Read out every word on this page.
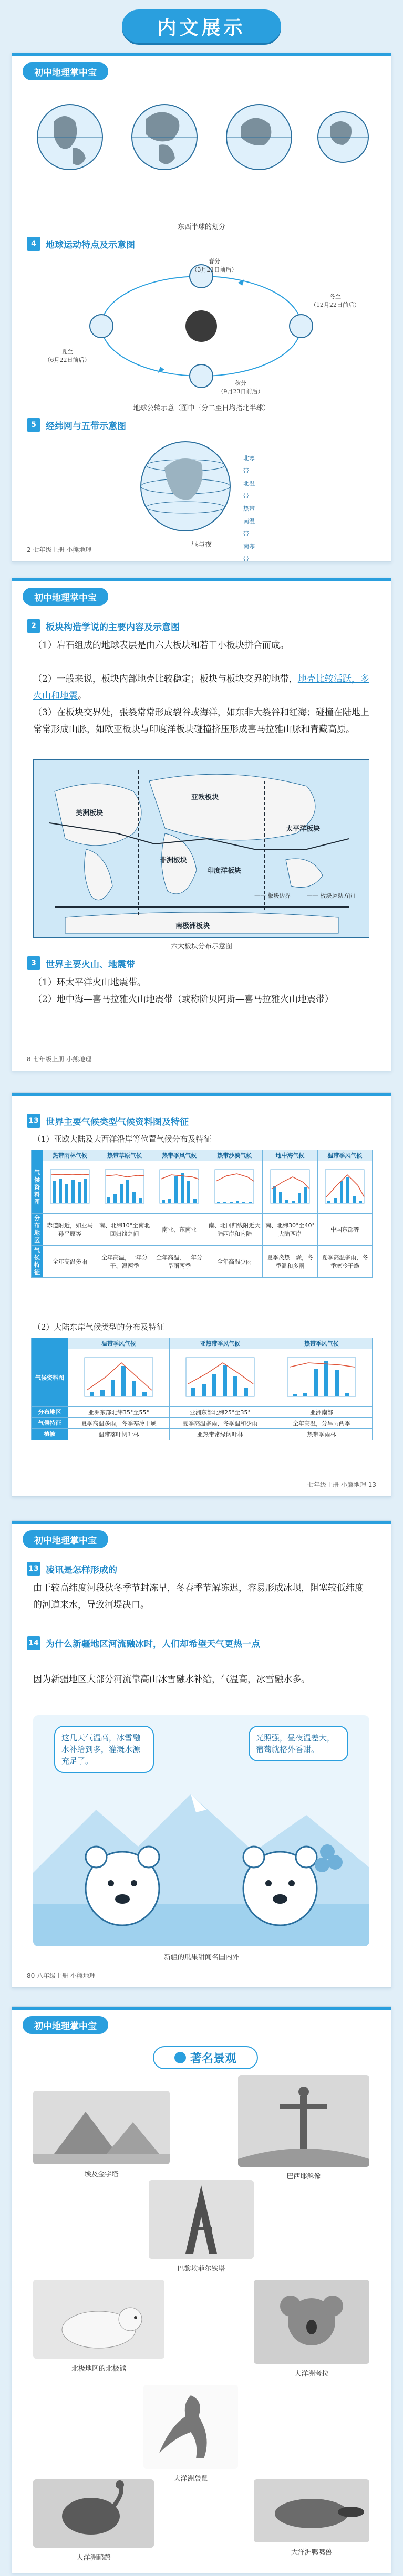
内文展示
初中地理掌中宝
东西半球的划分
4	地球运动特点及示意图
春分
（3月21日前后）
夏至
（6月22日前后）
秋分
（9月23日前后）
冬至
（12月22日前后）
地球公转示意（图中三分二至日均指北半球）
5	经纬网与五带示意图
北寒带
北温带
热带
南温带
南寒带
昼与夜
2 七年级上册 小熊地理
初中地理掌中宝
2	板块构造学说的主要内容及示意图
（1）岩石组成的地球表层是由六大板块和若干小板块拼合而成。
（2）一般来说，板块内部地壳比较稳定；板块与板块交界的地带，地壳比较活跃，多火山和地震。
（3）在板块交界处，張裂常常形成裂谷或海洋，如东非大裂谷和红海；碰撞在陆地上常常形成山脉，如欧亚板块与印度洋板块碰撞挤压形成喜马拉雅山脉和青藏高原。
亚欧板块
美洲板块
非洲板块
印度洋板块
太平洋板块
南极洲板块
—— 板块边界	—— 板块运动方向
六大板块分布示意图
3	世界主要火山、地震带
（1）环太平洋火山地震带。
（2）地中海—喜马拉雅火山地震带（或称阶贝阿斯—喜马拉雅火山地震带）
8 七年级上册 小熊地理
13 世界主要气候类型气候资料图及特征
（1）亚欧大陆及大西洋沿岸等位置气候分布及特征
	热带雨林气候	热带草原气候	热带季风气候	热带沙漠气候	地中海气候	温带季风气候
气候资料图						
分布地区	赤道附近，如亚马孙平原等	南、北纬10°至南北回归线之间	南亚、东南亚	南、北回归线附近大陆西岸和内陆	南、北纬30°至40°大陆西岸	中国东部等
气候特征	全年高温多雨	全年高温，一年分干、湿两季	全年高温，一年分旱雨两季	全年高温少雨	夏季炎热干燥，冬季温和多雨	夏季高温多雨，冬季寒冷干燥
（2）大陆东岸气候类型的分布及特征
	温带季风气候	亚热带季风气候	热带季风气候
气候资料图			
分布地区	亚洲东部北纬35°至55°	亚洲东部北纬25°至35°	亚洲南部
气候特征	夏季高温多雨，冬季寒冷干燥	夏季高温多雨，冬季温和少雨	全年高温，分旱雨两季
植被	温带落叶阔叶林	亚热带常绿阔叶林	热带季雨林
七年级上册 小熊地理 13
初中地理掌中宝
13 凌讯是怎样形成的
由于较高纬度河段秋冬季节封冻早，冬春季节解冻迟，容易形成冰坝，阻塞较低纬度的河道来水，导致河堤决口。
14 为什么新疆地区河流融冰时，人们却希望天气更热一点
因为新疆地区大部分河流靠高山冰雪融水补给，气温高，冰雪融水多。
这几天气温高，冰雪融水补给到多，灌溉水源充足了。
光照强，昼夜温差大，葡萄就格外香甜。
新疆的瓜果甜闻名国内外
80 八年级上册 小熊地理
初中地理掌中宝
著名景观
埃及金字塔	巴西耶稣像
巴黎埃菲尔铁塔
北极地区的北极熊
大洋洲考拉
大洋洲袋鼠
大洋洲鸭嘴兽
大洋洲鸸鹋
